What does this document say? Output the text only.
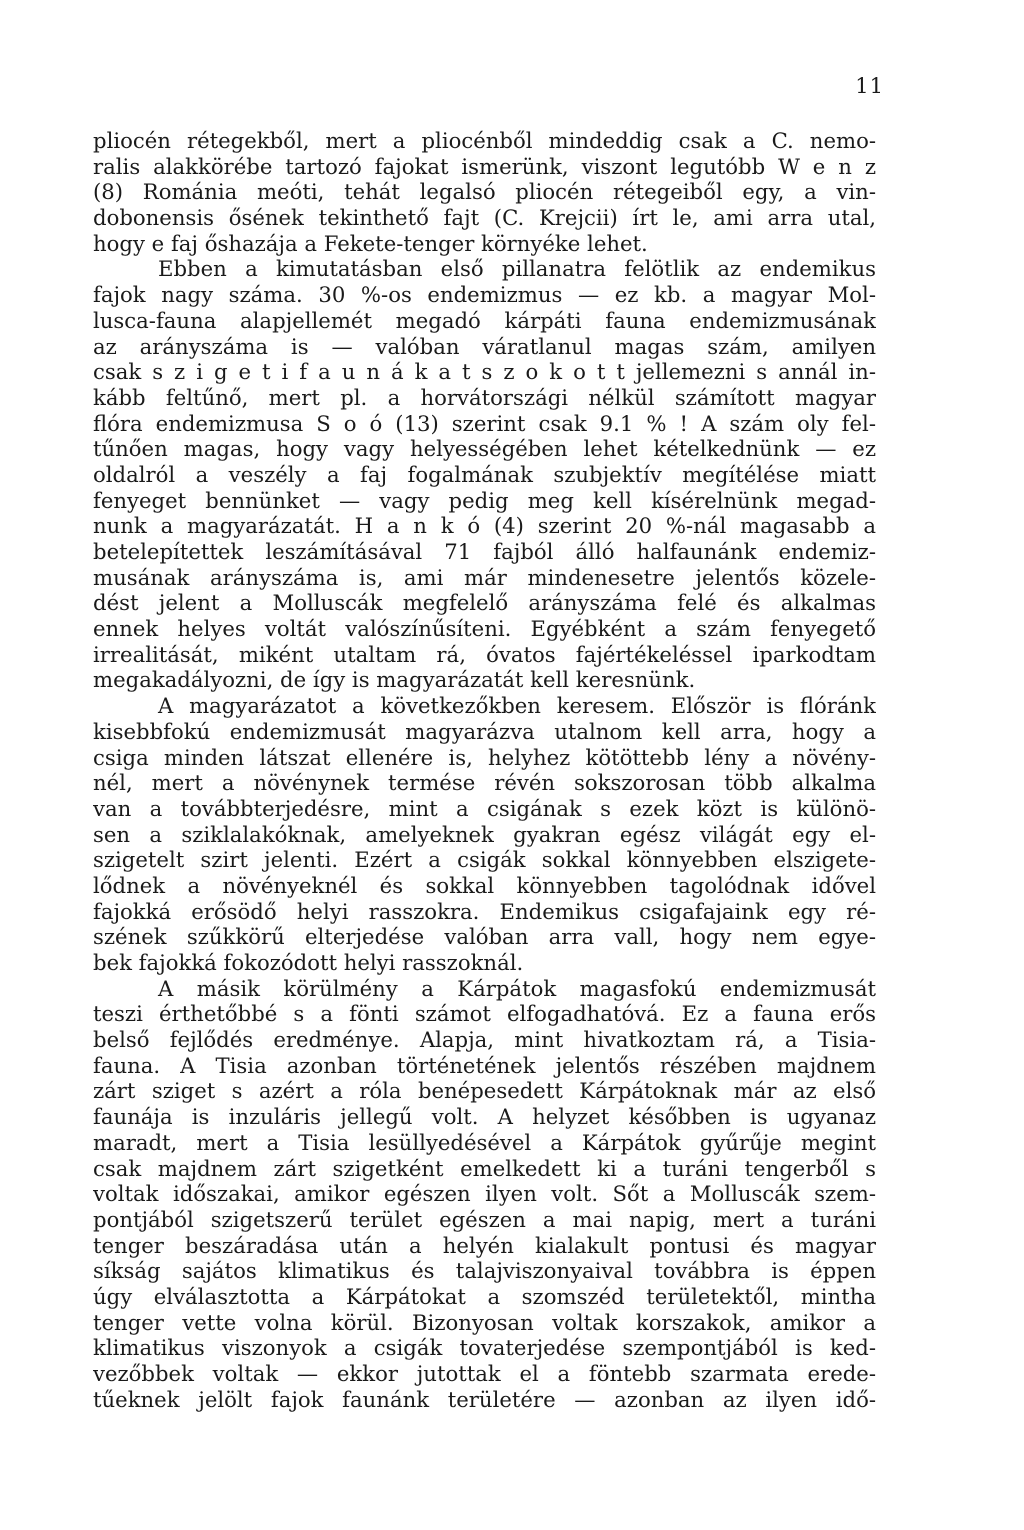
11
pliocén rétegekből, mert a pliocénből mindeddig csak a C. nemo-
ralis alakkörébe tartozó fajokat ismerünk, viszont legutóbb W e n z
(8) Románia meóti, tehát legalsó pliocén rétegeiből egy, a vin-
dobonensis ősének tekinthető fajt (C. Krejcii) írt le, ami arra utal,
hogy e faj őshazája a Fekete-tenger környéke lehet.
Ebben a kimutatásban első pillanatra felötlik az endemikus
fajok nagy száma. 30 %-os endemizmus — ez kb. a magyar Mol-
lusca-fauna alapjellemét megadó kárpáti fauna endemizmusának
az arányszáma is — valóban váratlanul magas szám, amilyen
csak s z i g e t i f a u n á k a t s z o k o t t jellemezni s annál in-
kább feltűnő, mert pl. a horvátországi nélkül számított magyar
flóra endemizmusa S o ó (13) szerint csak 9.1 % ! A szám oly fel-
tűnően magas, hogy vagy helyességében lehet kételkednünk — ez
oldalról a veszély a faj fogalmának szubjektív megítélése miatt
fenyeget bennünket — vagy pedig meg kell kísérelnünk megad-
nunk a magyarázatát. H a n k ó (4) szerint 20 %-nál magasabb a
betelepítettek leszámításával 71 fajból álló halfaunánk endemiz-
musának arányszáma is, ami már mindenesetre jelentős közele-
dést jelent a Molluscák megfelelő arányszáma felé és alkalmas
ennek helyes voltát valószínűsíteni. Egyébként a szám fenyegető
irrealitását, miként utaltam rá, óvatos fajértékeléssel iparkodtam
megakadályozni, de így is magyarázatát kell keresnünk.
A magyarázatot a következőkben keresem. Először is flóránk
kisebbfokú endemizmusát magyarázva utalnom kell arra, hogy a
csiga minden látszat ellenére is, helyhez kötöttebb lény a növény-
nél, mert a növénynek termése révén sokszorosan több alkalma
van a továbbterjedésre, mint a csigának s ezek közt is különö-
sen a sziklalakóknak, amelyeknek gyakran egész világát egy el-
szigetelt szirt jelenti. Ezért a csigák sokkal könnyebben elszigete-
lődnek a növényeknél és sokkal könnyebben tagolódnak idővel
fajokká erősödő helyi rasszokra. Endemikus csigafajaink egy ré-
szének szűkkörű elterjedése valóban arra vall, hogy nem egye-
bek fajokká fokozódott helyi rasszoknál.
A másik körülmény a Kárpátok magasfokú endemizmusát
teszi érthetőbbé s a fönti számot elfogadhatóvá. Ez a fauna erős
belső fejlődés eredménye. Alapja, mint hivatkoztam rá, a Tisia-
fauna. A Tisia azonban történetének jelentős részében majdnem
zárt sziget s azért a róla benépesedett Kárpátoknak már az első
faunája is inzuláris jellegű volt. A helyzet későbben is ugyanaz
maradt, mert a Tisia lesüllyedésével a Kárpátok gyűrűje megint
csak majdnem zárt szigetként emelkedett ki a turáni tengerből s
voltak időszakai, amikor egészen ilyen volt. Sőt a Molluscák szem-
pontjából szigetszerű terület egészen a mai napig, mert a turáni
tenger beszáradása után a helyén kialakult pontusi és magyar
síkság sajátos klimatikus és talajviszonyaival továbbra is éppen
úgy elválasztotta a Kárpátokat a szomszéd területektől, mintha
tenger vette volna körül. Bizonyosan voltak korszakok, amikor a
klimatikus viszonyok a csigák tovaterjedése szempontjából is ked-
vezőbbek voltak — ekkor jutottak el a föntebb szarmata erede-
tűeknek jelölt fajok faunánk területére — azonban az ilyen idő-
